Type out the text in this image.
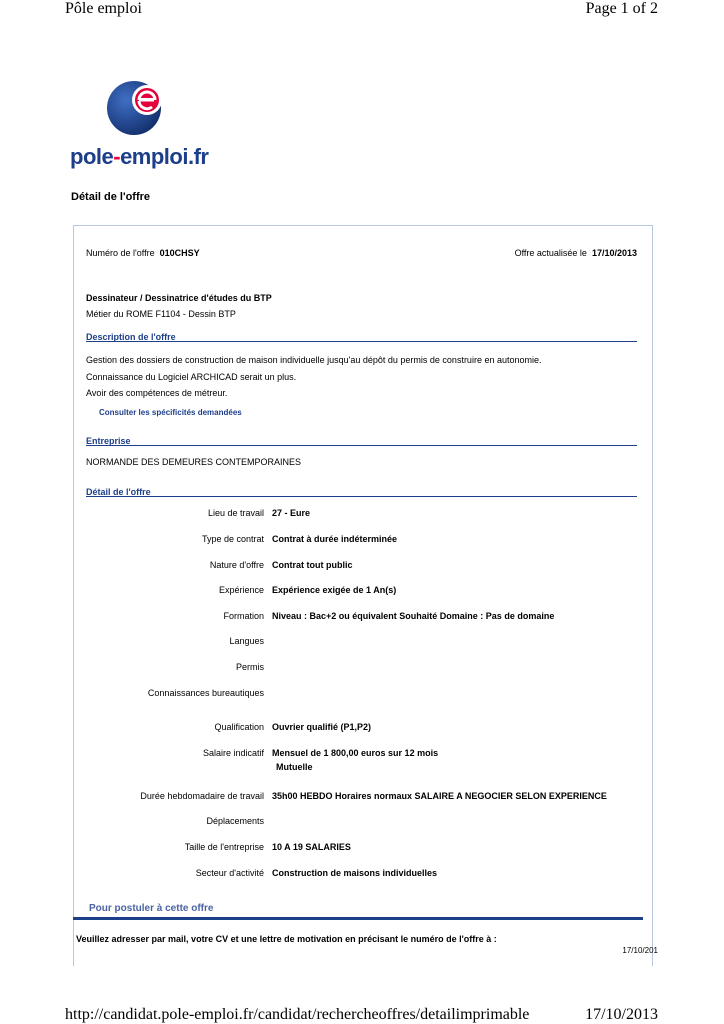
Pôle emploi	Page 1 of 2
pole-emploi.fr
Détail de l'offre
Numéro de l'offre 010CHSY	Offre actualisée le 17/10/2013
Dessinateur / Dessinatrice d'études du BTP
Métier du ROME F1104 - Dessin BTP
Description de l'offre
Gestion des dossiers de construction de maison individuelle jusqu'au dépôt du permis de construire en autonomie.
Connaissance du Logiciel ARCHICAD serait un plus.
Avoir des compétences de métreur.
Consulter les spécificités demandées
Entreprise
NORMANDE DES DEMEURES CONTEMPORAINES
Détail de l'offre
Lieu de travail 27 - Eure
Type de contrat Contrat à durée indéterminée
Nature d'offre Contrat tout public
Expérience Expérience exigée de 1 An(s)
Formation Niveau : Bac+2 ou équivalent Souhaité Domaine : Pas de domaine
Langues
Permis
Connaissances bureautiques
Qualification Ouvrier qualifié (P1,P2)
Salaire indicatif Mensuel de 1 800,00 euros sur 12 mois
Mutuelle
Durée hebdomadaire de travail 35h00 HEBDO Horaires normaux SALAIRE A NEGOCIER SELON EXPERIENCE
Déplacements
Taille de l'entreprise 10 A 19 SALARIES
Secteur d'activité Construction de maisons individuelles
Pour postuler à cette offre
Veuillez adresser par mail, votre CV et une lettre de motivation en précisant le numéro de l'offre à :
17/10/201
http://candidat.pole-emploi.fr/candidat/rechercheoffres/detailimprimable	17/10/2013
